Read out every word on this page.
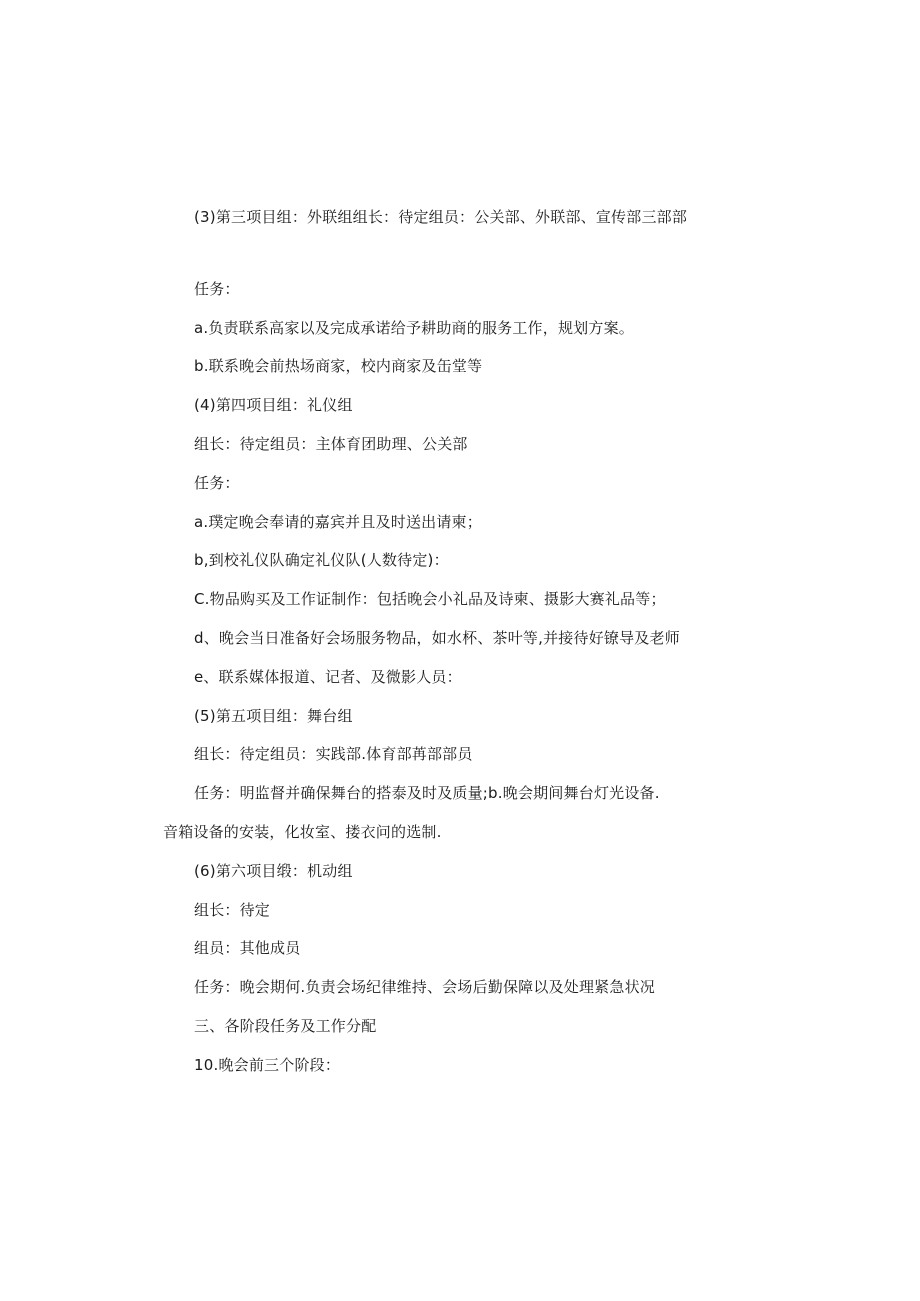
(3)第三项目组：外联组组长：待定组员：公关部、外联部、宣传部三部部
任务：
a.负责联系高家以及完成承诺给予耕助商的服务工作，规划方案。
b.联系晚会前热场商家，校内商家及缶堂等
(4)第四项目组：礼仪组
组长：待定组员：主体育团助理、公关部
任务：
a.璞定晚会奉请的嘉宾并且及时送出请柬；
b,到校礼仪队确定礼仪队(人数待定)：
C.物品购买及工作证制作：包括晚会小礼品及诗柬、摄影大赛礼品等；
d、晚会当日准备好会场服务物品，如水杯、茶叶等,并接待好镣导及老师
e、联系媒体报道、记者、及微影人员：
(5)第五项目组：舞台组
组长：待定组员：实践部.体育部苒部部员
任务：明监督并确保舞台的搭泰及时及质量;b.晚会期间舞台灯光设备.
音箱设备的安装，化妆室、搂衣问的选制.
(6)第六项目缎：机动组
组长：待定
组员：其他成员
任务：晚会期何.负责会场纪律维持、会场后勤保障以及处理紧急状况
三、各阶段任务及工作分配
10.晚会前三个阶段：
